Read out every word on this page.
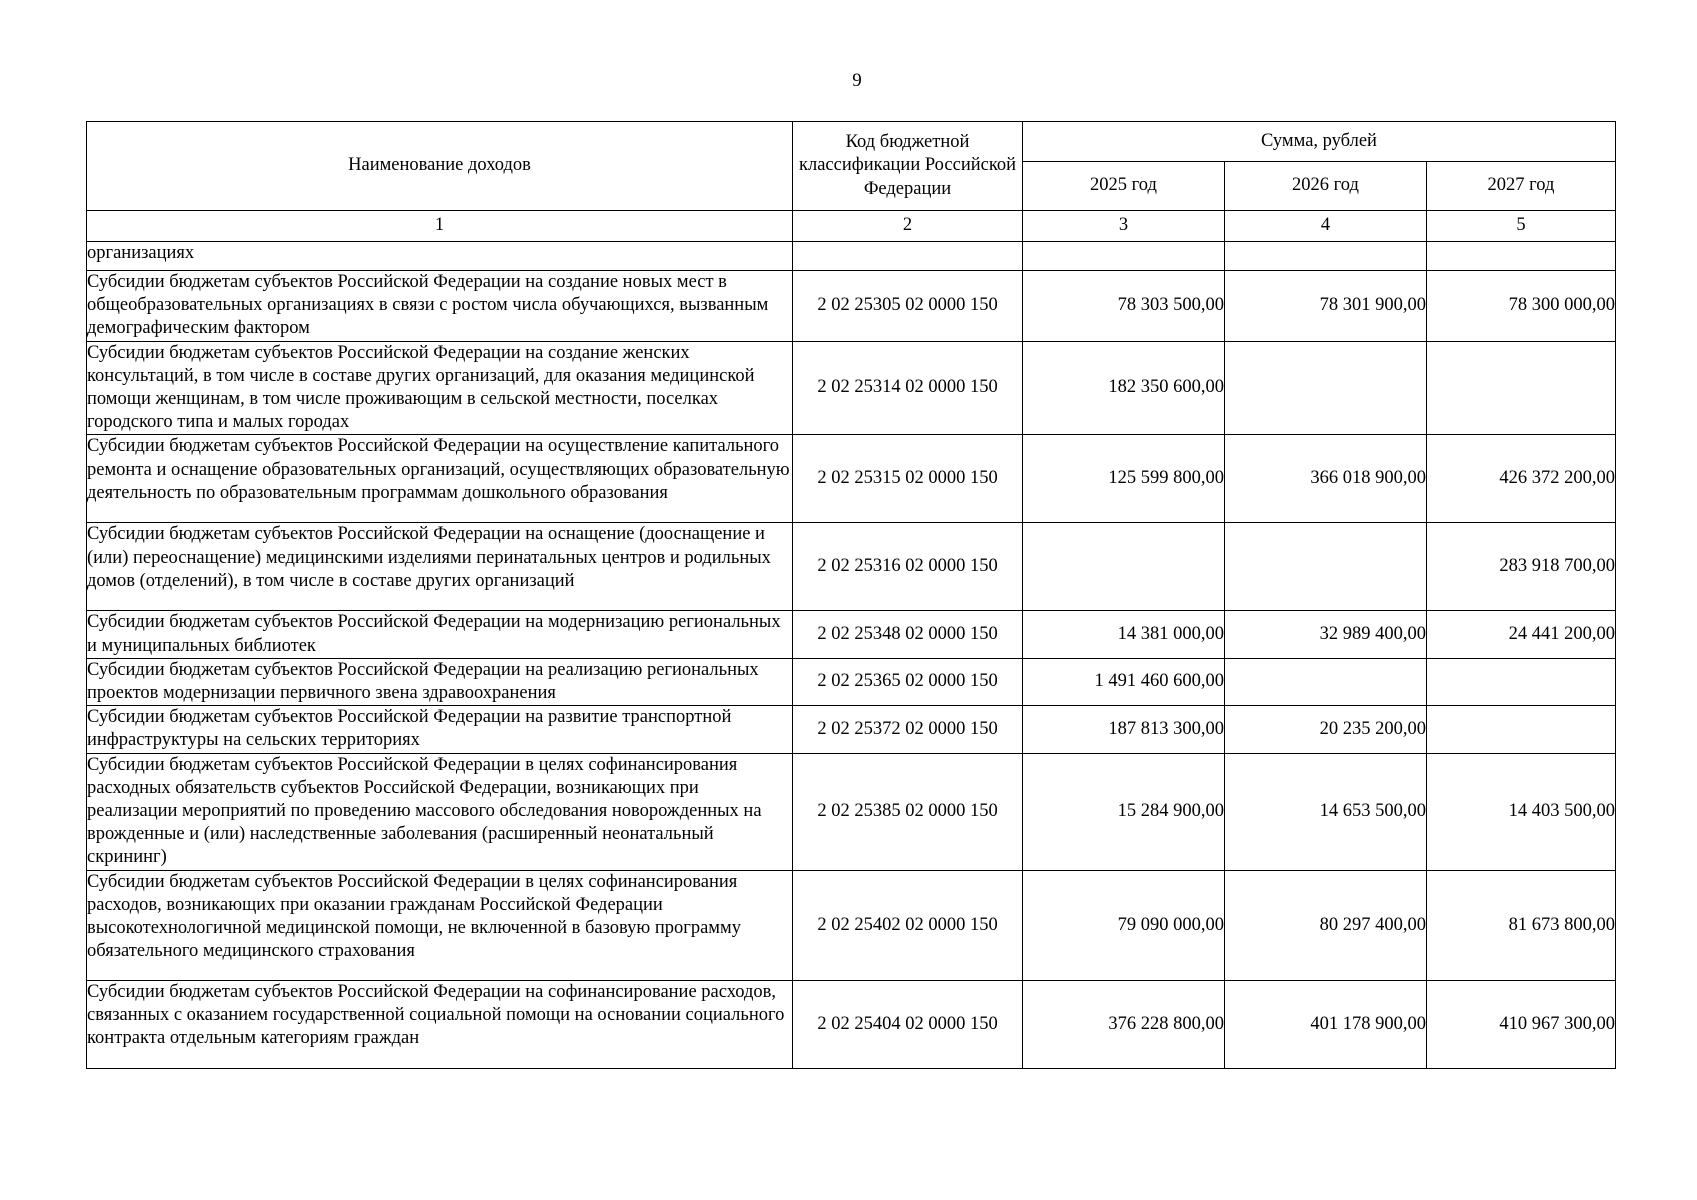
9
Наименование доходов	Код бюджетной классификации Российской Федерации	Сумма, рублей		
		2025 год	2026 год	2027 год
1	2	3	4	5
организациях				
Субсидии бюджетам субъектов Российской Федерации на создание новых мест в общеобразовательных организациях в связи с ростом числа обучающихся, вызванным демографическим фактором	2 02 25305 02 0000 150	78 303 500,00	78 301 900,00	78 300 000,00
Субсидии бюджетам субъектов Российской Федерации на создание женских консультаций, в том числе в составе других организаций, для оказания медицинской помощи женщинам, в том числе проживающим в сельской местности, поселках городского типа и малых городах	2 02 25314 02 0000 150	182 350 600,00		
Субсидии бюджетам субъектов Российской Федерации на осуществление капитального ремонта и оснащение образовательных организаций, осуществляющих образовательную деятельность по образовательным программам дошкольного образования	2 02 25315 02 0000 150	125 599 800,00	366 018 900,00	426 372 200,00
Субсидии бюджетам субъектов Российской Федерации на оснащение (дооснащение и (или) переоснащение) медицинскими изделиями перинатальных центров и родильных домов (отделений), в том числе в составе других организаций	2 02 25316 02 0000 150			283 918 700,00
Субсидии бюджетам субъектов Российской Федерации на модернизацию региональных и муниципальных библиотек	2 02 25348 02 0000 150	14 381 000,00	32 989 400,00	24 441 200,00
Субсидии бюджетам субъектов Российской Федерации на реализацию региональных проектов модернизации первичного звена здравоохранения	2 02 25365 02 0000 150	1 491 460 600,00		
Субсидии бюджетам субъектов Российской Федерации на развитие транспортной инфраструктуры на сельских территориях	2 02 25372 02 0000 150	187 813 300,00	20 235 200,00	
Субсидии бюджетам субъектов Российской Федерации в целях софинансирования расходных обязательств субъектов Российской Федерации, возникающих при реализации мероприятий по проведению массового обследования новорожденных на врожденные и (или) наследственные заболевания (расширенный неонатальный скрининг)	2 02 25385 02 0000 150	15 284 900,00	14 653 500,00	14 403 500,00
Субсидии бюджетам субъектов Российской Федерации в целях софинансирования расходов, возникающих при оказании гражданам Российской Федерации высокотехнологичной медицинской помощи, не включенной в базовую программу обязательного медицинского страхования	2 02 25402 02 0000 150	79 090 000,00	80 297 400,00	81 673 800,00
Субсидии бюджетам субъектов Российской Федерации на софинансирование расходов, связанных с оказанием государственной социальной помощи на основании социального контракта отдельным категориям граждан	2 02 25404 02 0000 150	376 228 800,00	401 178 900,00	410 967 300,00
